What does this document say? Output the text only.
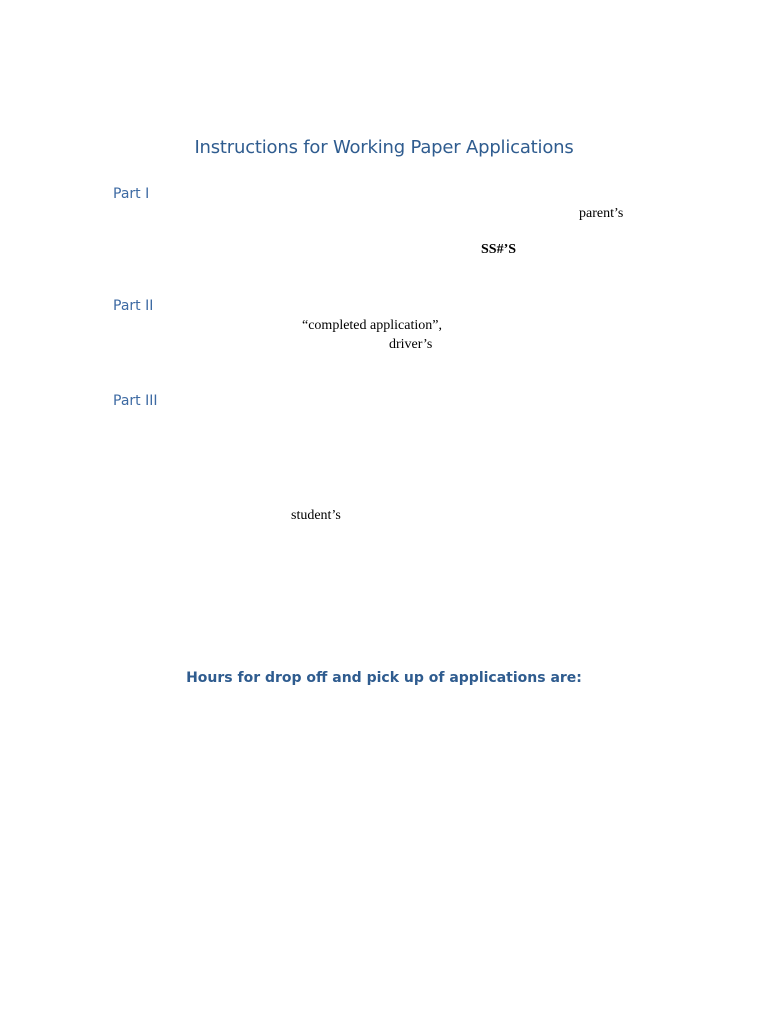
Instructions for Working Paper Applications
Part I
parent’s
SS#’S
Part II
“completed application”,
driver’s
Part III
student’s
Hours for drop off and pick up of applications are:
